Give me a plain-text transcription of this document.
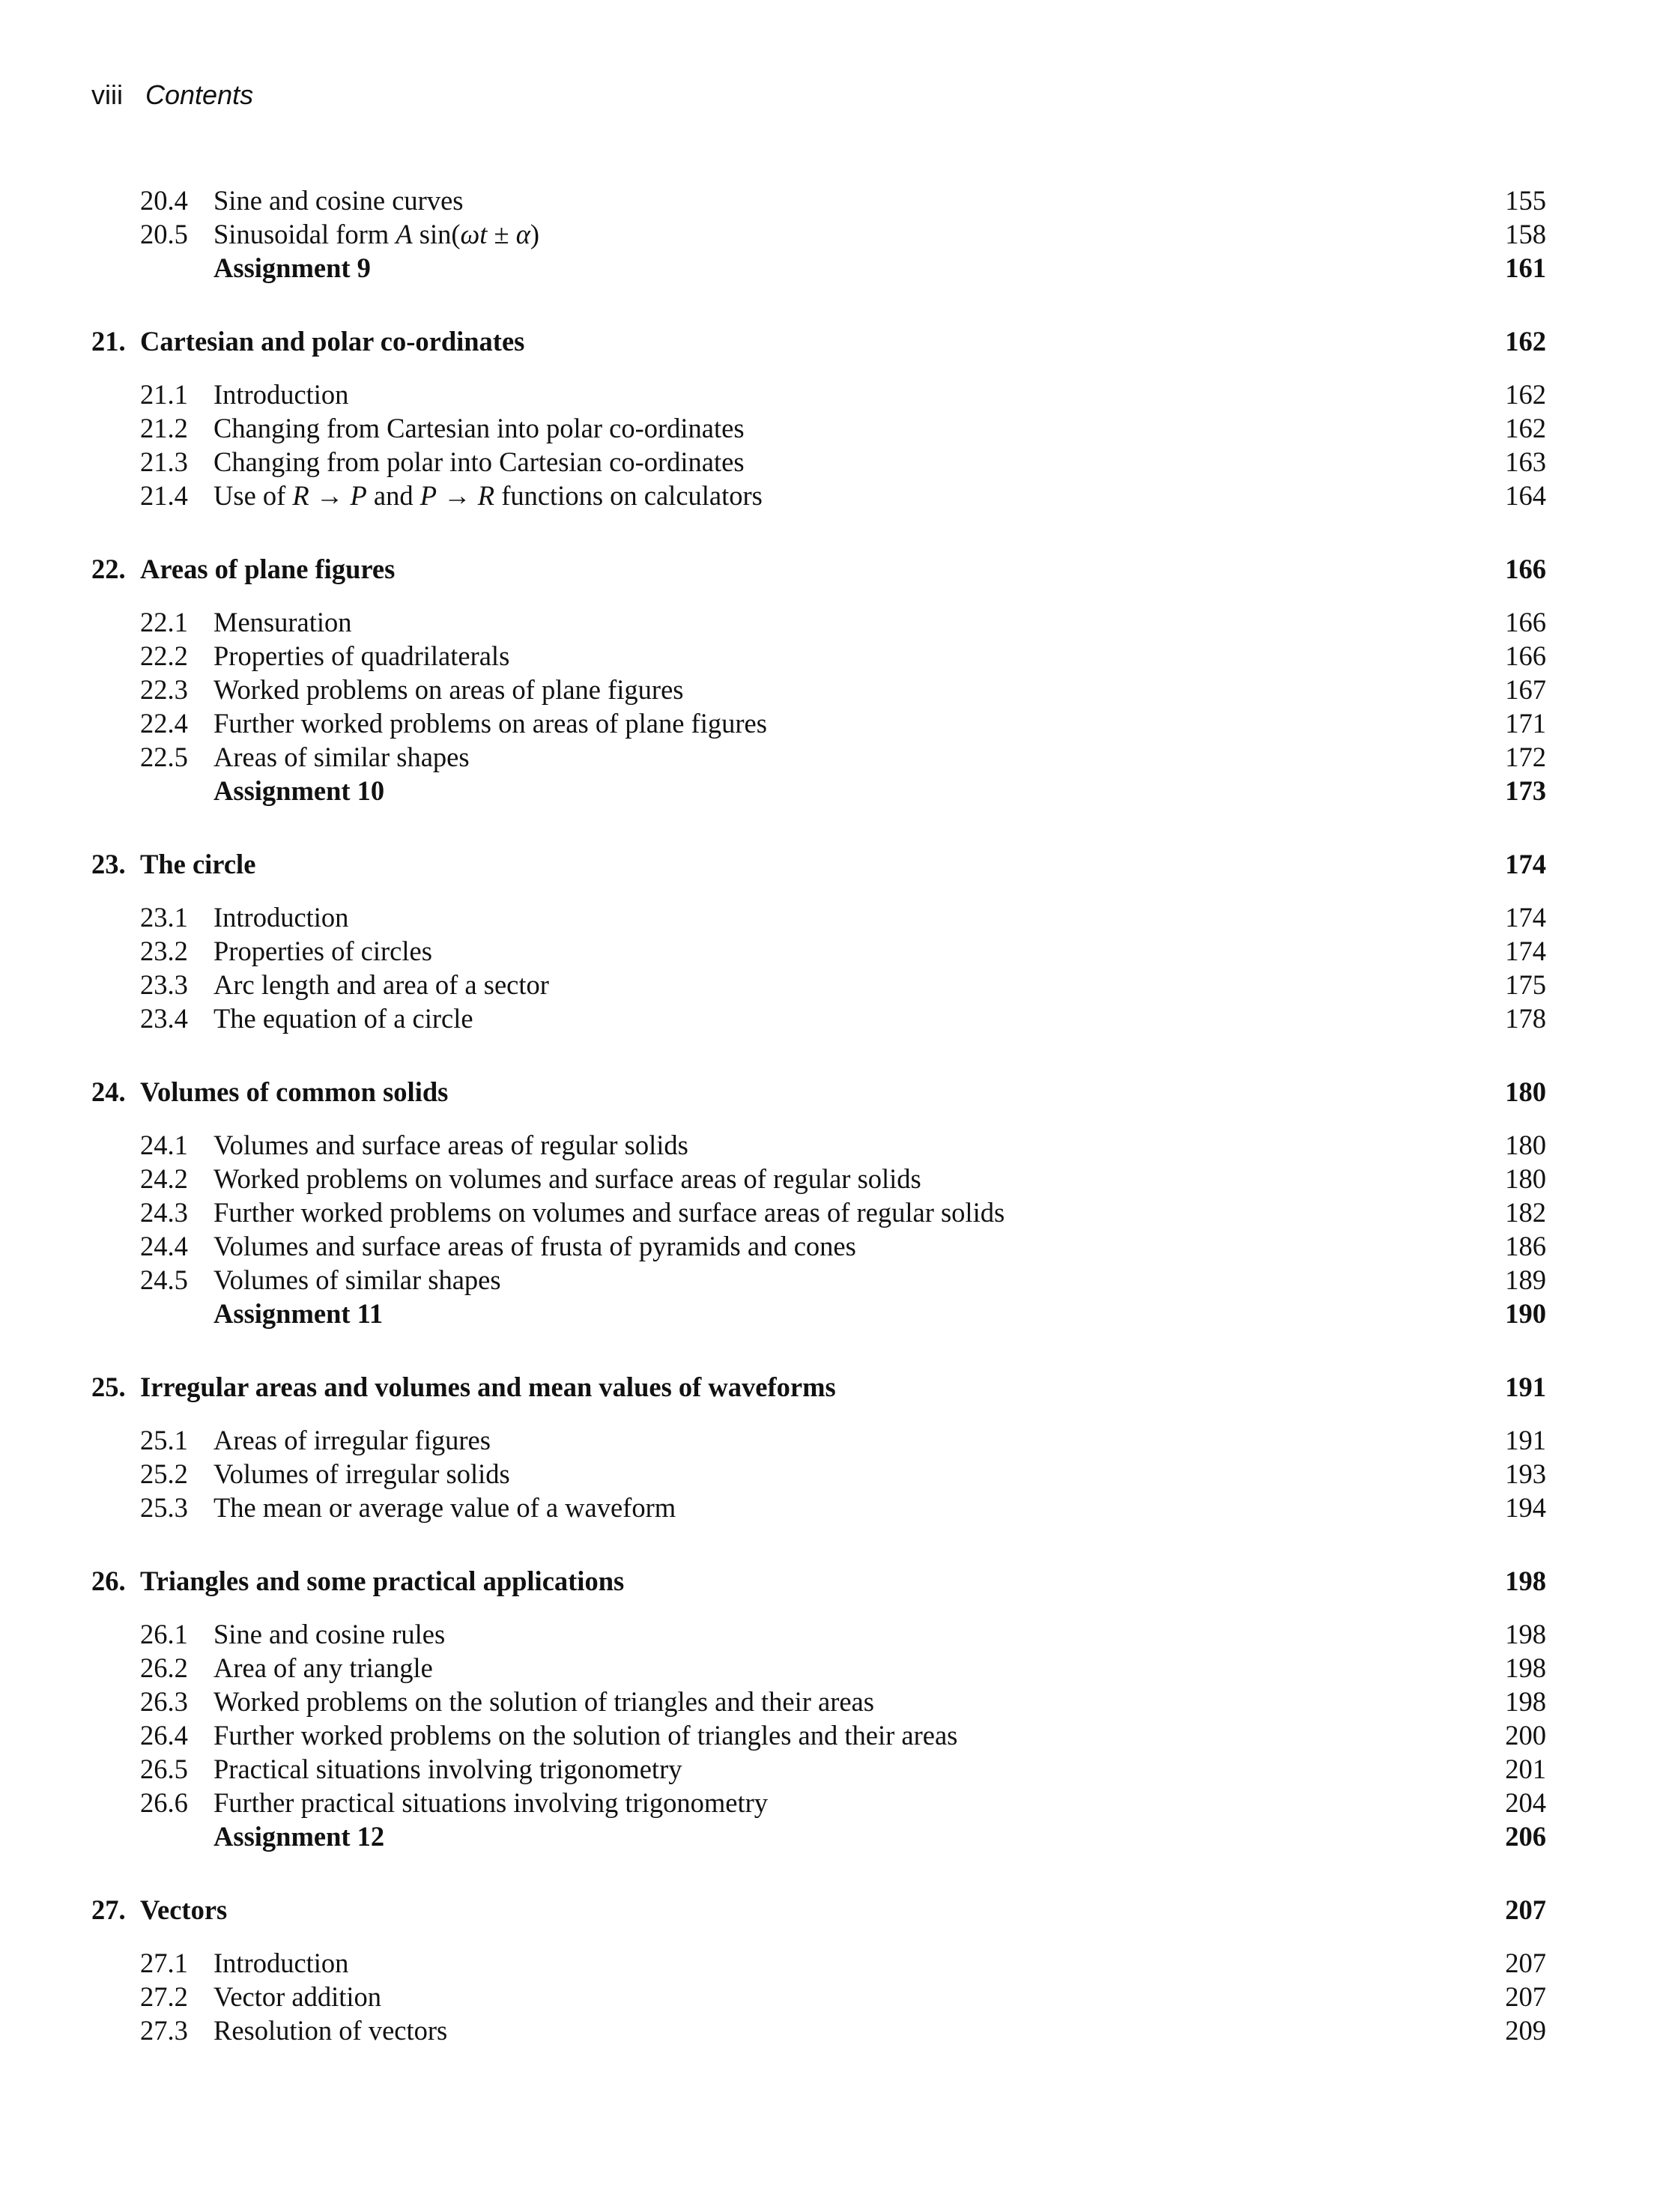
viii Contents
20.4 Sine and cosine curves	155
20.5 Sinusoidal form A sin(ωt ± α)	158
Assignment 9	161
21. Cartesian and polar co-ordinates	162
21.1 Introduction	162
21.2 Changing from Cartesian into polar co-ordinates	162
21.3 Changing from polar into Cartesian co-ordinates	163
21.4 Use of R → P and P → R functions on calculators	164
22. Areas of plane figures	166
22.1 Mensuration	166
22.2 Properties of quadrilaterals	166
22.3 Worked problems on areas of plane figures	167
22.4 Further worked problems on areas of plane figures	171
22.5 Areas of similar shapes	172
Assignment 10	173
23. The circle	174
23.1 Introduction	174
23.2 Properties of circles	174
23.3 Arc length and area of a sector	175
23.4 The equation of a circle	178
24. Volumes of common solids	180
24.1 Volumes and surface areas of regular solids	180
24.2 Worked problems on volumes and surface areas of regular solids	180
24.3 Further worked problems on volumes and surface areas of regular solids	182
24.4 Volumes and surface areas of frusta of pyramids and cones	186
24.5 Volumes of similar shapes	189
Assignment 11	190
25. Irregular areas and volumes and mean values of waveforms	191
25.1 Areas of irregular figures	191
25.2 Volumes of irregular solids	193
25.3 The mean or average value of a waveform	194
26. Triangles and some practical applications	198
26.1 Sine and cosine rules	198
26.2 Area of any triangle	198
26.3 Worked problems on the solution of triangles and their areas	198
26.4 Further worked problems on the solution of triangles and their areas	200
26.5 Practical situations involving trigonometry	201
26.6 Further practical situations involving trigonometry	204
Assignment 12	206
27. Vectors	207
27.1 Introduction	207
27.2 Vector addition	207
27.3 Resolution of vectors	209
